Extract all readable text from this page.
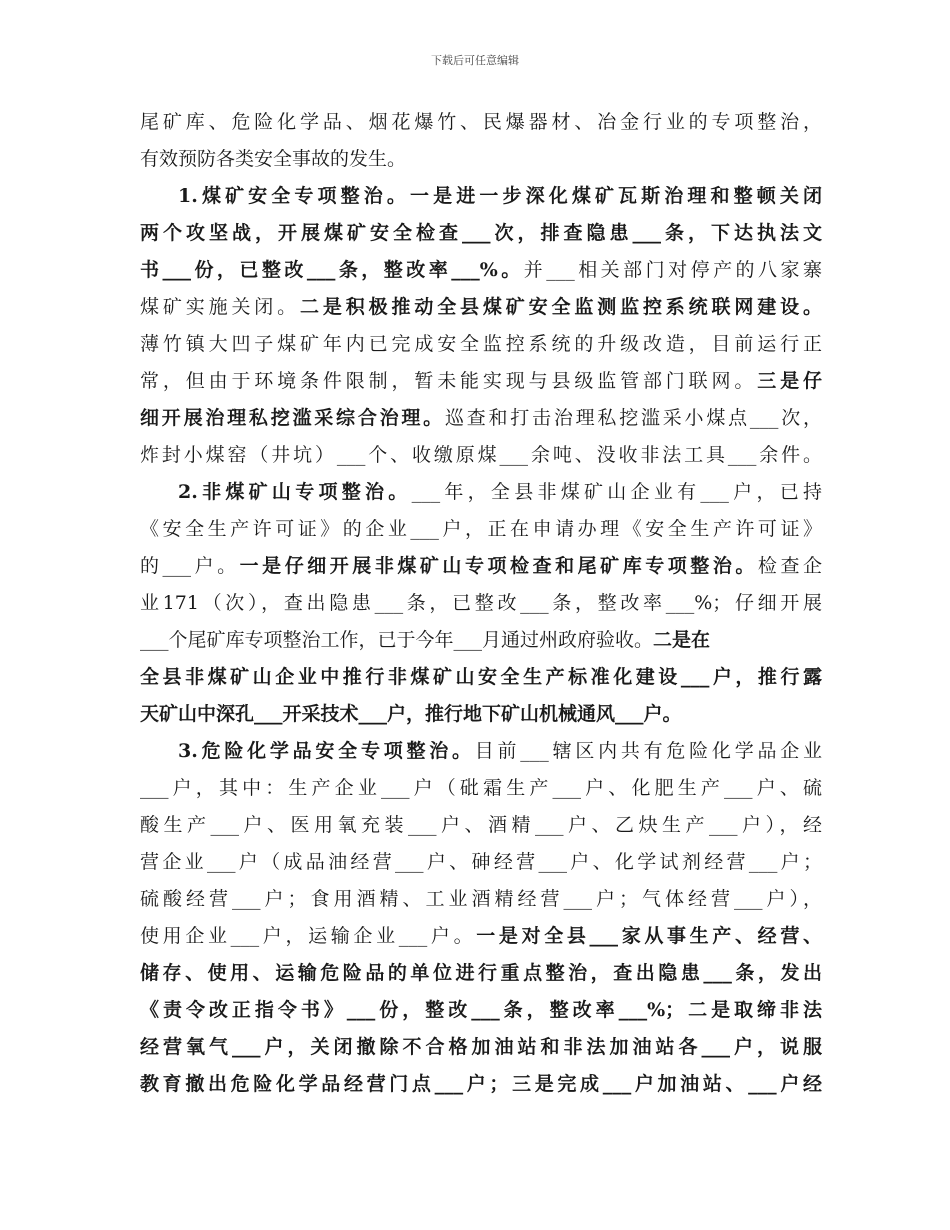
下载后可任意编辑
尾矿库、危险化学品、烟花爆竹、民爆器材、冶金行业的专项整治，
有效预防各类安全事故的发生。
1.煤矿安全专项整治。一是进一步深化煤矿瓦斯治理和整顿关闭
两个攻坚战，开展煤矿安全检查___次，排查隐患___条，下达执法文
书___份，已整改___条，整改率___%。并___相关部门对停产的八家寨
煤矿实施关闭。二是积极推动全县煤矿安全监测监控系统联网建设。
薄竹镇大凹子煤矿年内已完成安全监控系统的升级改造，目前运行正
常，但由于环境条件限制，暂未能实现与县级监管部门联网。三是仔
细开展治理私挖滥采综合治理。巡查和打击治理私挖滥采小煤点___次，
炸封小煤窑（井坑）___个、收缴原煤___余吨、没收非法工具___余件。
2.非煤矿山专项整治。___年，全县非煤矿山企业有___户，已持
《安全生产许可证》的企业___户，正在申请办理《安全生产许可证》
的___户。一是仔细开展非煤矿山专项检查和尾矿库专项整治。检查企
业171（次），查出隐患___条，已整改___条，整改率___%；仔细开展
___个尾矿库专项整治工作，已于今年___月通过州政府验收。二是在
全县非煤矿山企业中推行非煤矿山安全生产标准化建设___户，推行露
天矿山中深孔___开采技术___户，推行地下矿山机械通风___户。
3.危险化学品安全专项整治。目前___辖区内共有危险化学品企业
___户，其中：生产企业___户（砒霜生产___户、化肥生产___户、硫
酸生产___户、医用氧充装___户、酒精___户、乙炔生产___户），经
营企业___户（成品油经营___户、砷经营___户、化学试剂经营___户；
硫酸经营___户；食用酒精、工业酒精经营___户；气体经营___户），
使用企业___户，运输企业___户。一是对全县___家从事生产、经营、
储存、使用、运输危险品的单位进行重点整治，查出隐患___条，发出
《责令改正指令书》___份，整改___条，整改率___%；二是取缔非法
经营氧气___户，关闭撤除不合格加油站和非法加油站各___户，说服
教育撤出危险化学品经营门点___户；三是完成___户加油站、___户经
